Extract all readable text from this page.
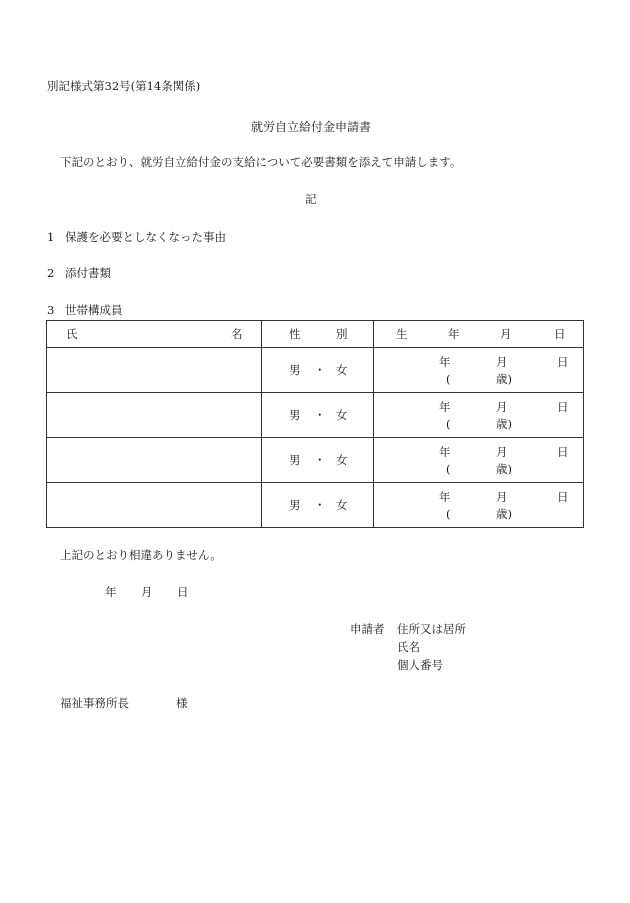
別記様式第32号(第14条関係)
就労自立給付金申請書
下記のとおり、就労自立給付金の支給について必要書類を添えて申請します。
記
1 保護を必要としなくなった事由
2 添付書類
3 世帯構成員
氏 名	性 別	生 年 月 日

	男 ・ 女	年 月 日
( 歳)

	男 ・ 女	年 月 日
( 歳)

	男 ・ 女	年 月 日
( 歳)

	男 ・ 女	年 月 日
( 歳)
上記のとおり相違ありません。
年 月 日
申請者 住所又は居所
氏名
個人番号
福祉事務所長	様
